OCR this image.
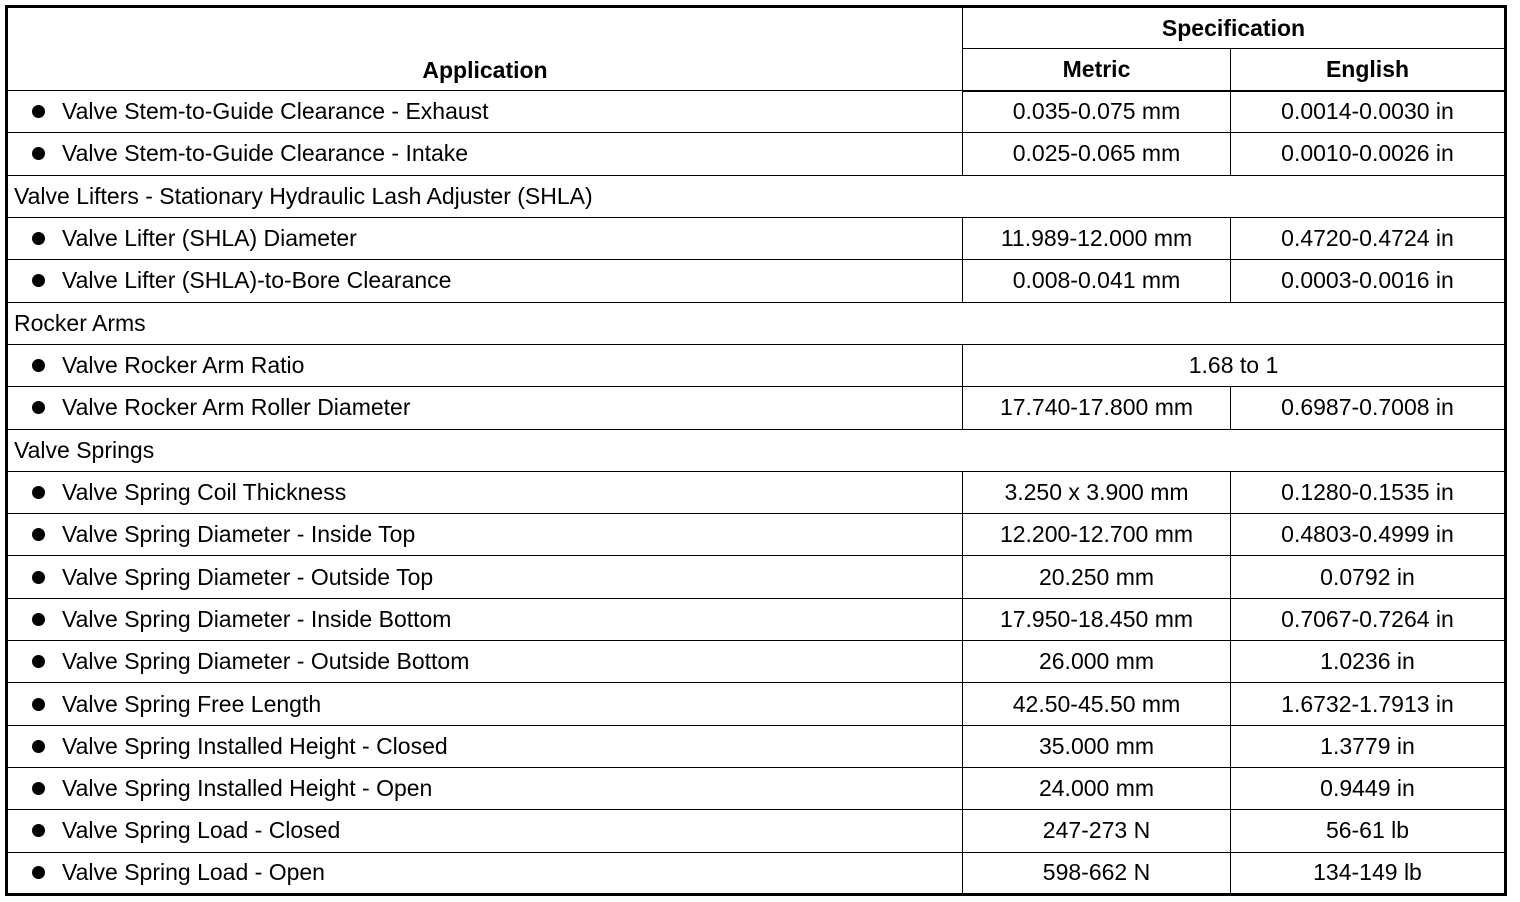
Application	Specification	
	Metric	English
Valve Stem-to-Guide Clearance - Exhaust	0.035-0.075 mm	0.0014-0.0030 in
Valve Stem-to-Guide Clearance - Intake	0.025-0.065 mm	0.0010-0.0026 in
Valve Lifters - Stationary Hydraulic Lash Adjuster (SHLA)		
Valve Lifter (SHLA) Diameter	11.989-12.000 mm	0.4720-0.4724 in
Valve Lifter (SHLA)-to-Bore Clearance	0.008-0.041 mm	0.0003-0.0016 in
Rocker Arms		
Valve Rocker Arm Ratio	1.68 to 1	
Valve Rocker Arm Roller Diameter	17.740-17.800 mm	0.6987-0.7008 in
Valve Springs		
Valve Spring Coil Thickness	3.250 x 3.900 mm	0.1280-0.1535 in
Valve Spring Diameter - Inside Top	12.200-12.700 mm	0.4803-0.4999 in
Valve Spring Diameter - Outside Top	20.250 mm	0.0792 in
Valve Spring Diameter - Inside Bottom	17.950-18.450 mm	0.7067-0.7264 in
Valve Spring Diameter - Outside Bottom	26.000 mm	1.0236 in
Valve Spring Free Length	42.50-45.50 mm	1.6732-1.7913 in
Valve Spring Installed Height - Closed	35.000 mm	1.3779 in
Valve Spring Installed Height - Open	24.000 mm	0.9449 in
Valve Spring Load - Closed	247-273 N	56-61 lb
Valve Spring Load - Open	598-662 N	134-149 lb
